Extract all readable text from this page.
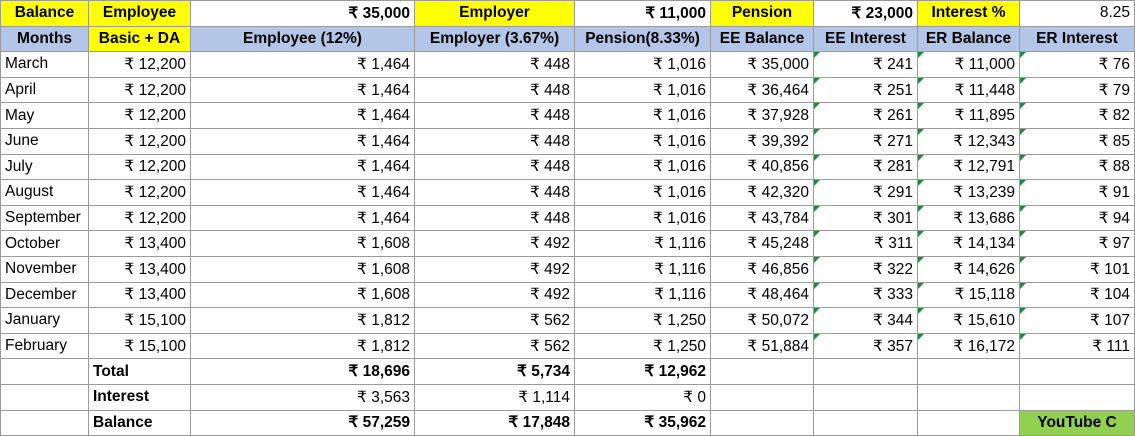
Balance	Employee	₹ 35,000	Employer	₹ 11,000	Pension	₹ 23,000	Interest %	8.25
Months	Basic + DA	Employee (12%)	Employer (3.67%)	Pension(8.33%)	EE Balance	EE Interest	ER Balance	ER Interest
March	₹ 12,200	₹ 1,464	₹ 448	₹ 1,016	₹ 35,000	₹ 241	₹ 11,000	₹ 76
April	₹ 12,200	₹ 1,464	₹ 448	₹ 1,016	₹ 36,464	₹ 251	₹ 11,448	₹ 79
May	₹ 12,200	₹ 1,464	₹ 448	₹ 1,016	₹ 37,928	₹ 261	₹ 11,895	₹ 82
June	₹ 12,200	₹ 1,464	₹ 448	₹ 1,016	₹ 39,392	₹ 271	₹ 12,343	₹ 85
July	₹ 12,200	₹ 1,464	₹ 448	₹ 1,016	₹ 40,856	₹ 281	₹ 12,791	₹ 88
August	₹ 12,200	₹ 1,464	₹ 448	₹ 1,016	₹ 42,320	₹ 291	₹ 13,239	₹ 91
September	₹ 12,200	₹ 1,464	₹ 448	₹ 1,016	₹ 43,784	₹ 301	₹ 13,686	₹ 94
October	₹ 13,400	₹ 1,608	₹ 492	₹ 1,116	₹ 45,248	₹ 311	₹ 14,134	₹ 97
November	₹ 13,400	₹ 1,608	₹ 492	₹ 1,116	₹ 46,856	₹ 322	₹ 14,626	₹ 101
December	₹ 13,400	₹ 1,608	₹ 492	₹ 1,116	₹ 48,464	₹ 333	₹ 15,118	₹ 104
January	₹ 15,100	₹ 1,812	₹ 562	₹ 1,250	₹ 50,072	₹ 344	₹ 15,610	₹ 107
February	₹ 15,100	₹ 1,812	₹ 562	₹ 1,250	₹ 51,884	₹ 357	₹ 16,172	₹ 111
	Total	₹ 18,696	₹ 5,734	₹ 12,962				
	Interest	₹ 3,563	₹ 1,114	₹ 0				
	Balance	₹ 57,259	₹ 17,848	₹ 35,962				YouTube C
